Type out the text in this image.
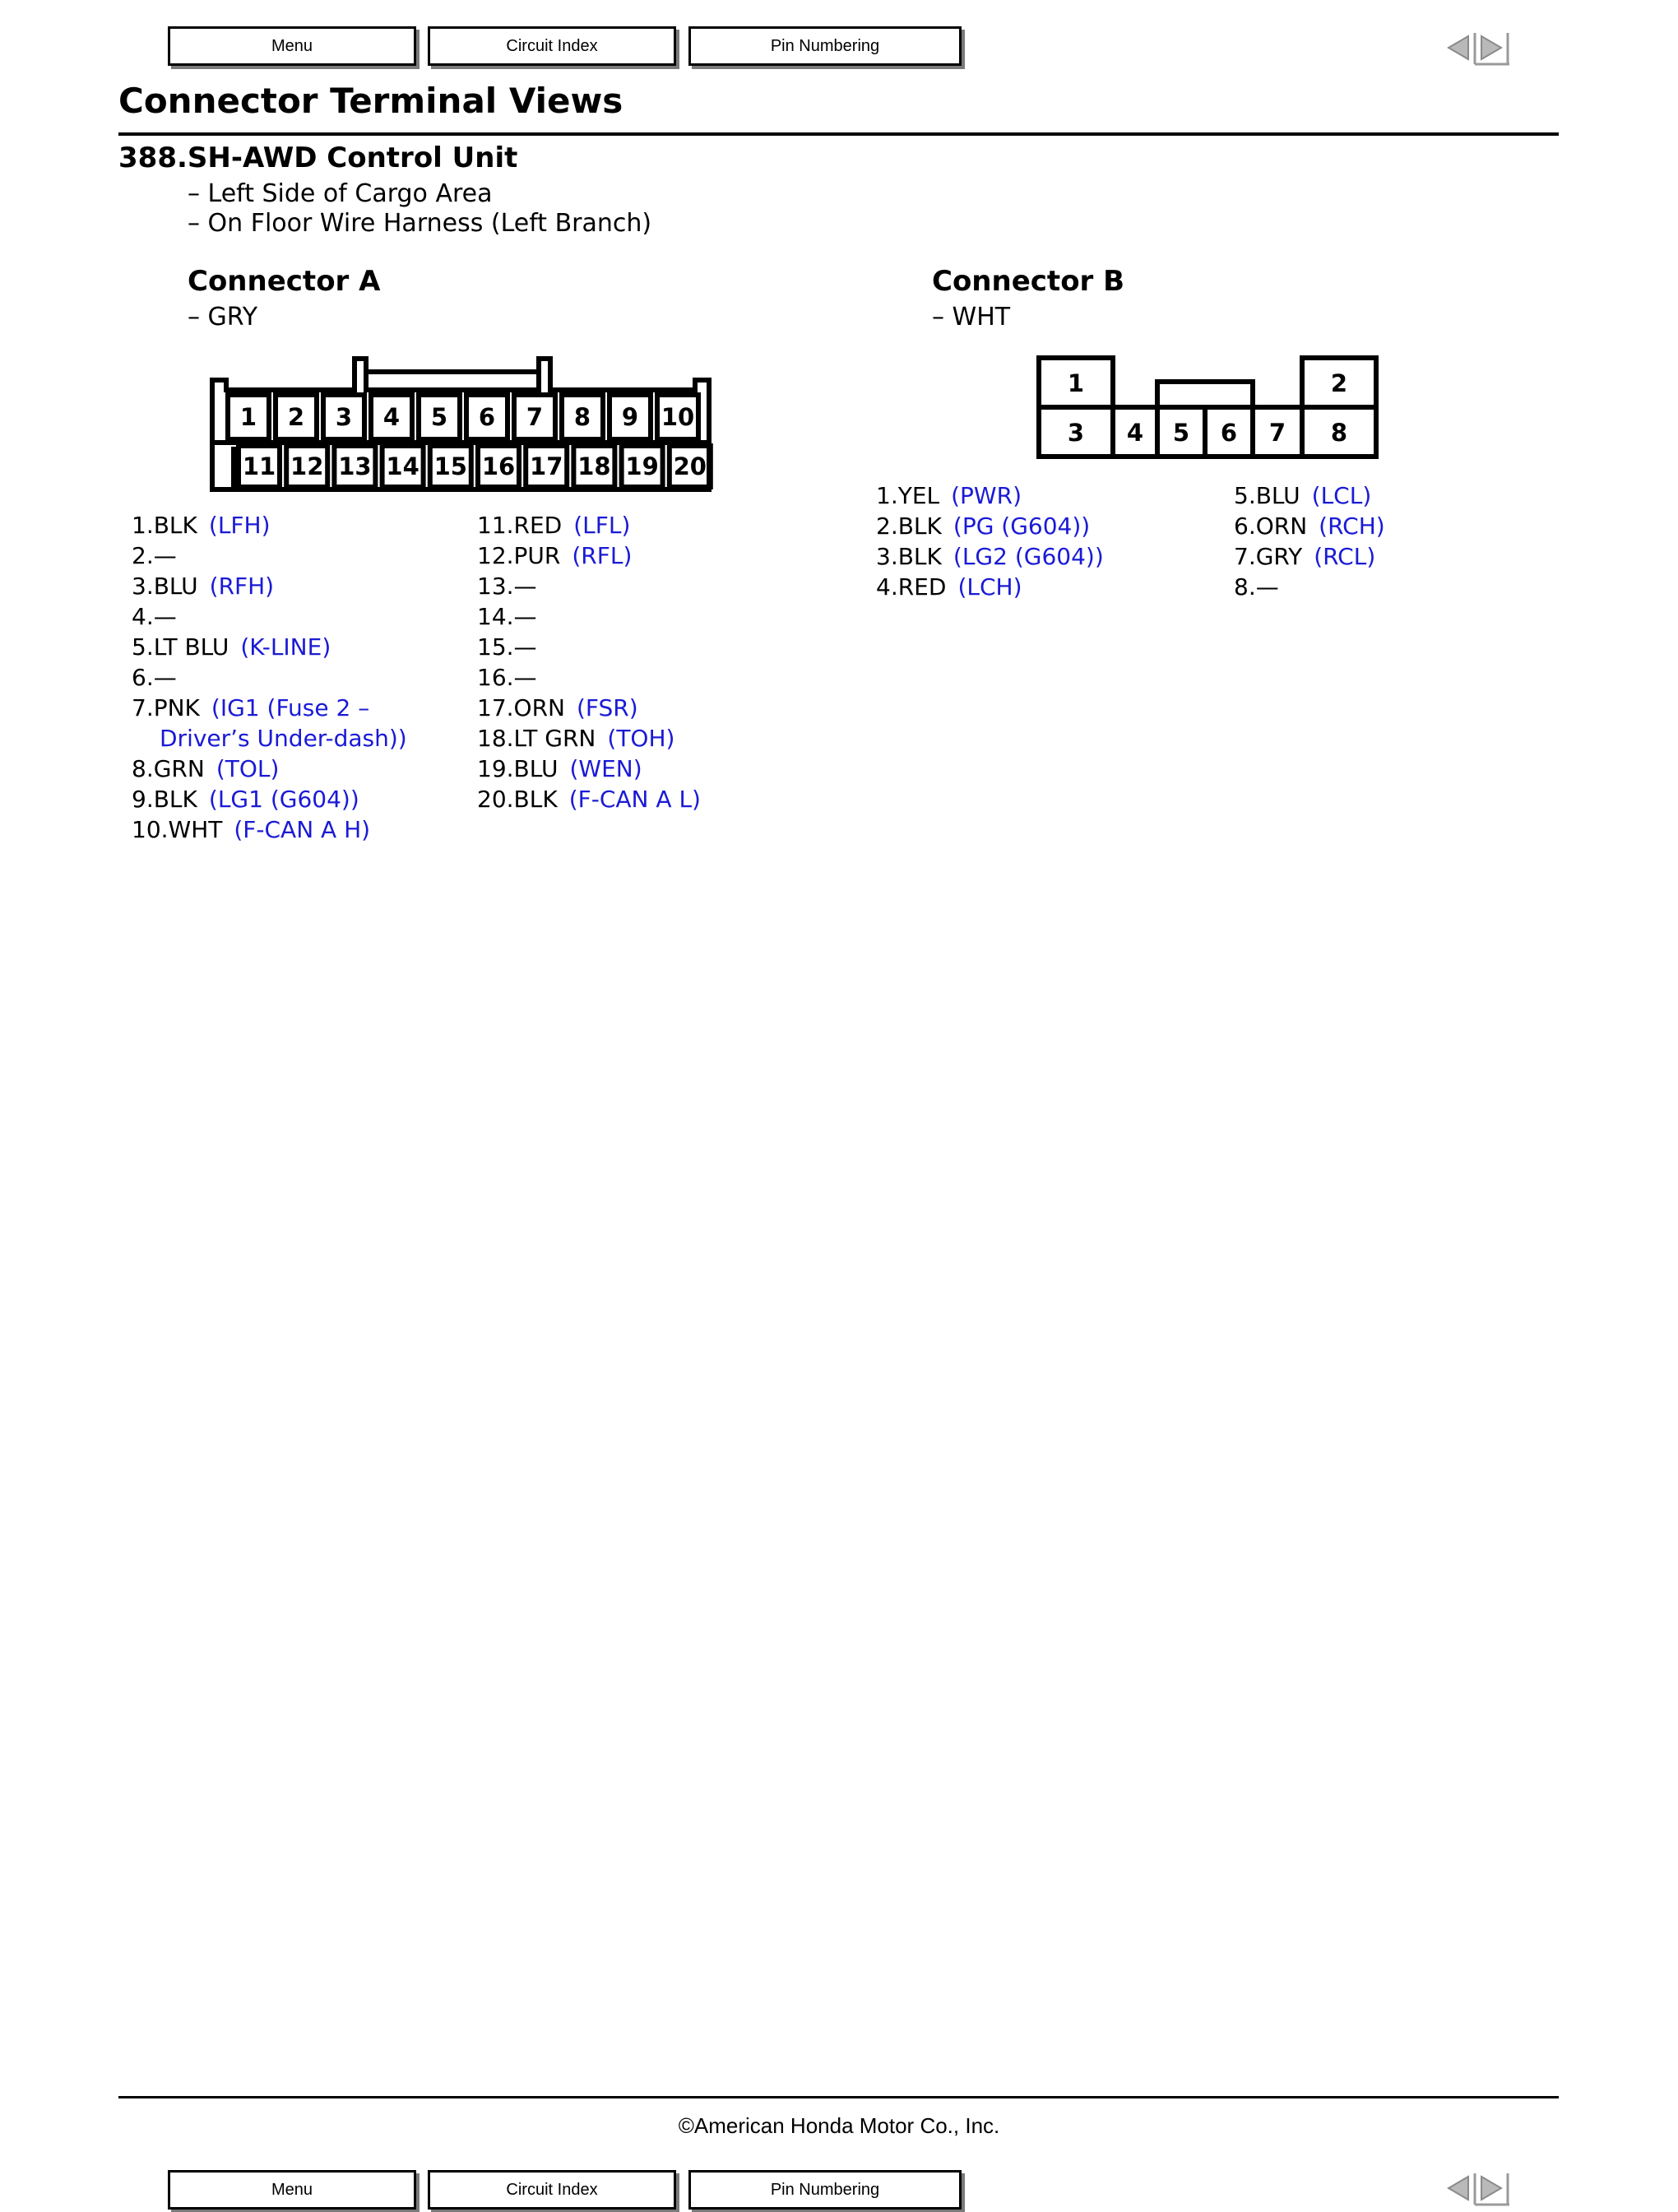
Menu	Circuit Index	Pin Numbering
Connector Terminal Views
388.SH-AWD Control Unit
– Left Side of Cargo Area
– On Floor Wire Harness (Left Branch)
Connector A
– GRY
Connector B
– WHT
1 2 3 4 5 6 7 8 9 10
11 12 13 14 15 16 17 18 19 20
1	2
3 4 5 6 7 8
1.BLK (LFH)
2.—
3.BLU (RFH)
4.—
5.LT BLU (K-LINE)
6.—
7.PNK (IG1 (Fuse 2 –
Driver’s Under-dash))
8.GRN (TOL)
9.BLK (LG1 (G604))
10.WHT (F-CAN A H)
11.RED (LFL)
12.PUR (RFL)
13.—
14.—
15.—
16.—
17.ORN (FSR)
18.LT GRN (TOH)
19.BLU (WEN)
20.BLK (F-CAN A L)
1.YEL (PWR)
2.BLK (PG (G604))
3.BLK (LG2 (G604))
4.RED (LCH)
5.BLU (LCL)
6.ORN (RCH)
7.GRY (RCL)
8.—
©American Honda Motor Co., Inc.
Menu	Circuit Index	Pin Numbering
